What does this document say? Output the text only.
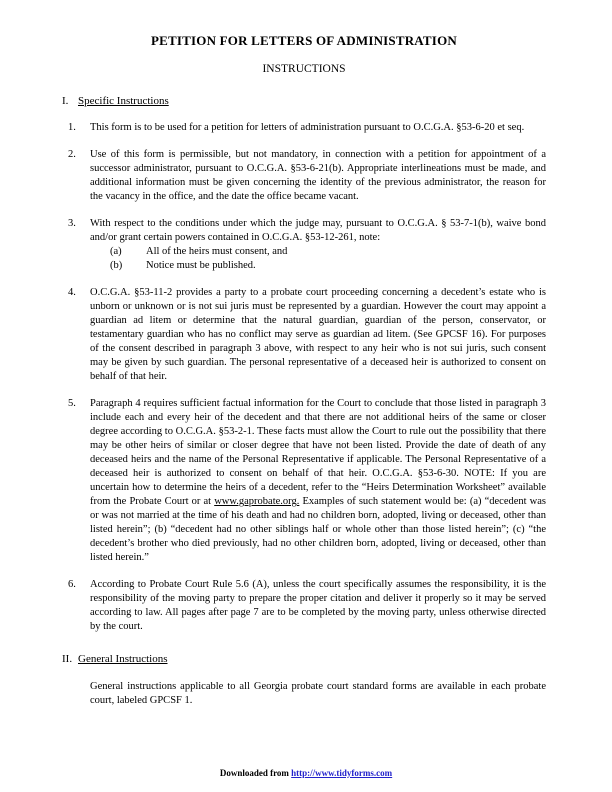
PETITION FOR LETTERS OF ADMINISTRATION
INSTRUCTIONS
I. Specific Instructions
1.	This form is to be used for a petition for letters of administration pursuant to O.C.G.A. §53-6-20 et seq.
2.	Use of this form is permissible, but not mandatory, in connection with a petition for appointment of a successor administrator, pursuant to O.C.G.A. §53-6-21(b). Appropriate interlineations must be made, and additional information must be given concerning the identity of the previous administrator, the reason for the vacancy in the office, and the date the office became vacant.
3.	With respect to the conditions under which the judge may, pursuant to O.C.G.A. § 53-7-1(b), waive bond and/or grant certain powers contained in O.C.G.A. §53-12-261, note:
(a)	All of the heirs must consent, and
(b)	Notice must be published.
4.	O.C.G.A. §53-11-2 provides a party to a probate court proceeding concerning a decedent’s estate who is unborn or unknown or is not sui juris must be represented by a guardian. However the court may appoint a guardian ad litem or determine that the natural guardian, guardian of the person, conservator, or testamentary guardian who has no conflict may serve as guardian ad litem. (See GPCSF 16). For purposes of the consent described in paragraph 3 above, with respect to any heir who is not sui juris, such consent may be given by such guardian. The personal representative of a deceased heir is authorized to consent on behalf of that heir.
5.	Paragraph 4 requires sufficient factual information for the Court to conclude that those listed in paragraph 3 include each and every heir of the decedent and that there are not additional heirs of the same or closer degree according to O.C.G.A. §53-2-1. These facts must allow the Court to rule out the possibility that there may be other heirs of similar or closer degree that have not been listed. Provide the date of death of any deceased heirs and the name of the Personal Representative if applicable. The Personal Representative of a deceased heir is authorized to consent on behalf of that heir. O.C.G.A. §53-6-30. NOTE: If you are uncertain how to determine the heirs of a decedent, refer to the “Heirs Determination Worksheet” available from the Probate Court or at www.gaprobate.org. Examples of such statement would be: (a) “decedent was or was not married at the time of his death and had no children born, adopted, living or deceased, other than listed herein”; (b) “decedent had no other siblings half or whole other than those listed herein”; (c) “the decedent’s brother who died previously, had no other children born, adopted, living or deceased, other than listed herein.”
6.	According to Probate Court Rule 5.6 (A), unless the court specifically assumes the responsibility, it is the responsibility of the moving party to prepare the proper citation and deliver it properly so it may be served according to law. All pages after page 7 are to be completed by the moving party, unless otherwise directed by the court.
II. General Instructions
General instructions applicable to all Georgia probate court standard forms are available in each probate court, labeled GPCSF 1.
Downloaded from http://www.tidyforms.com
